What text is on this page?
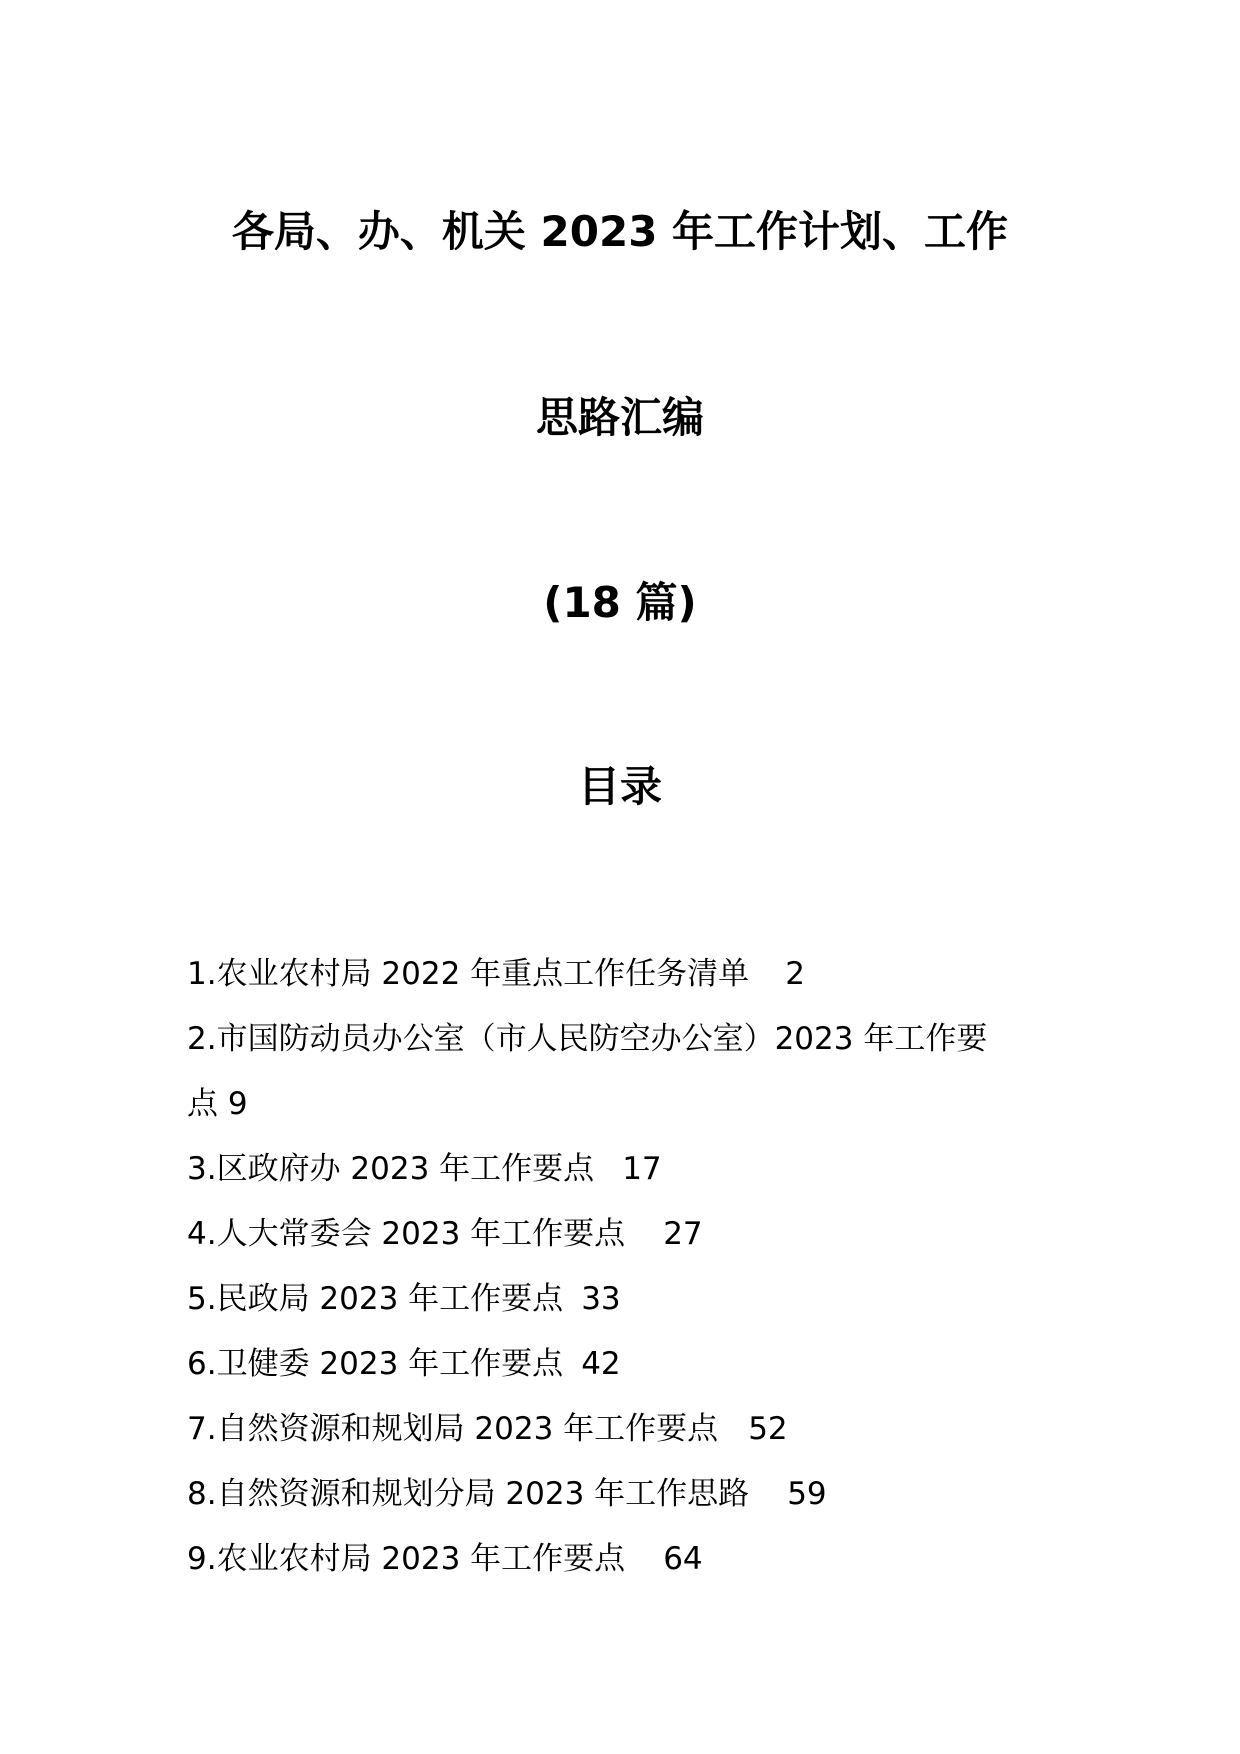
各局、办、机关 2023 年工作计划、工作
思路汇编
(18 篇)
目录
1.农业农村局 2022 年重点工作任务清单 2
2.市国防动员办公室（市人民防空办公室）2023 年工作要
点 9
3.区政府办 2023 年工作要点 17
4.人大常委会 2023 年工作要点 27
5.民政局 2023 年工作要点 33
6.卫健委 2023 年工作要点 42
7.自然资源和规划局 2023 年工作要点 52
8.自然资源和规划分局 2023 年工作思路 59
9.农业农村局 2023 年工作要点 64
